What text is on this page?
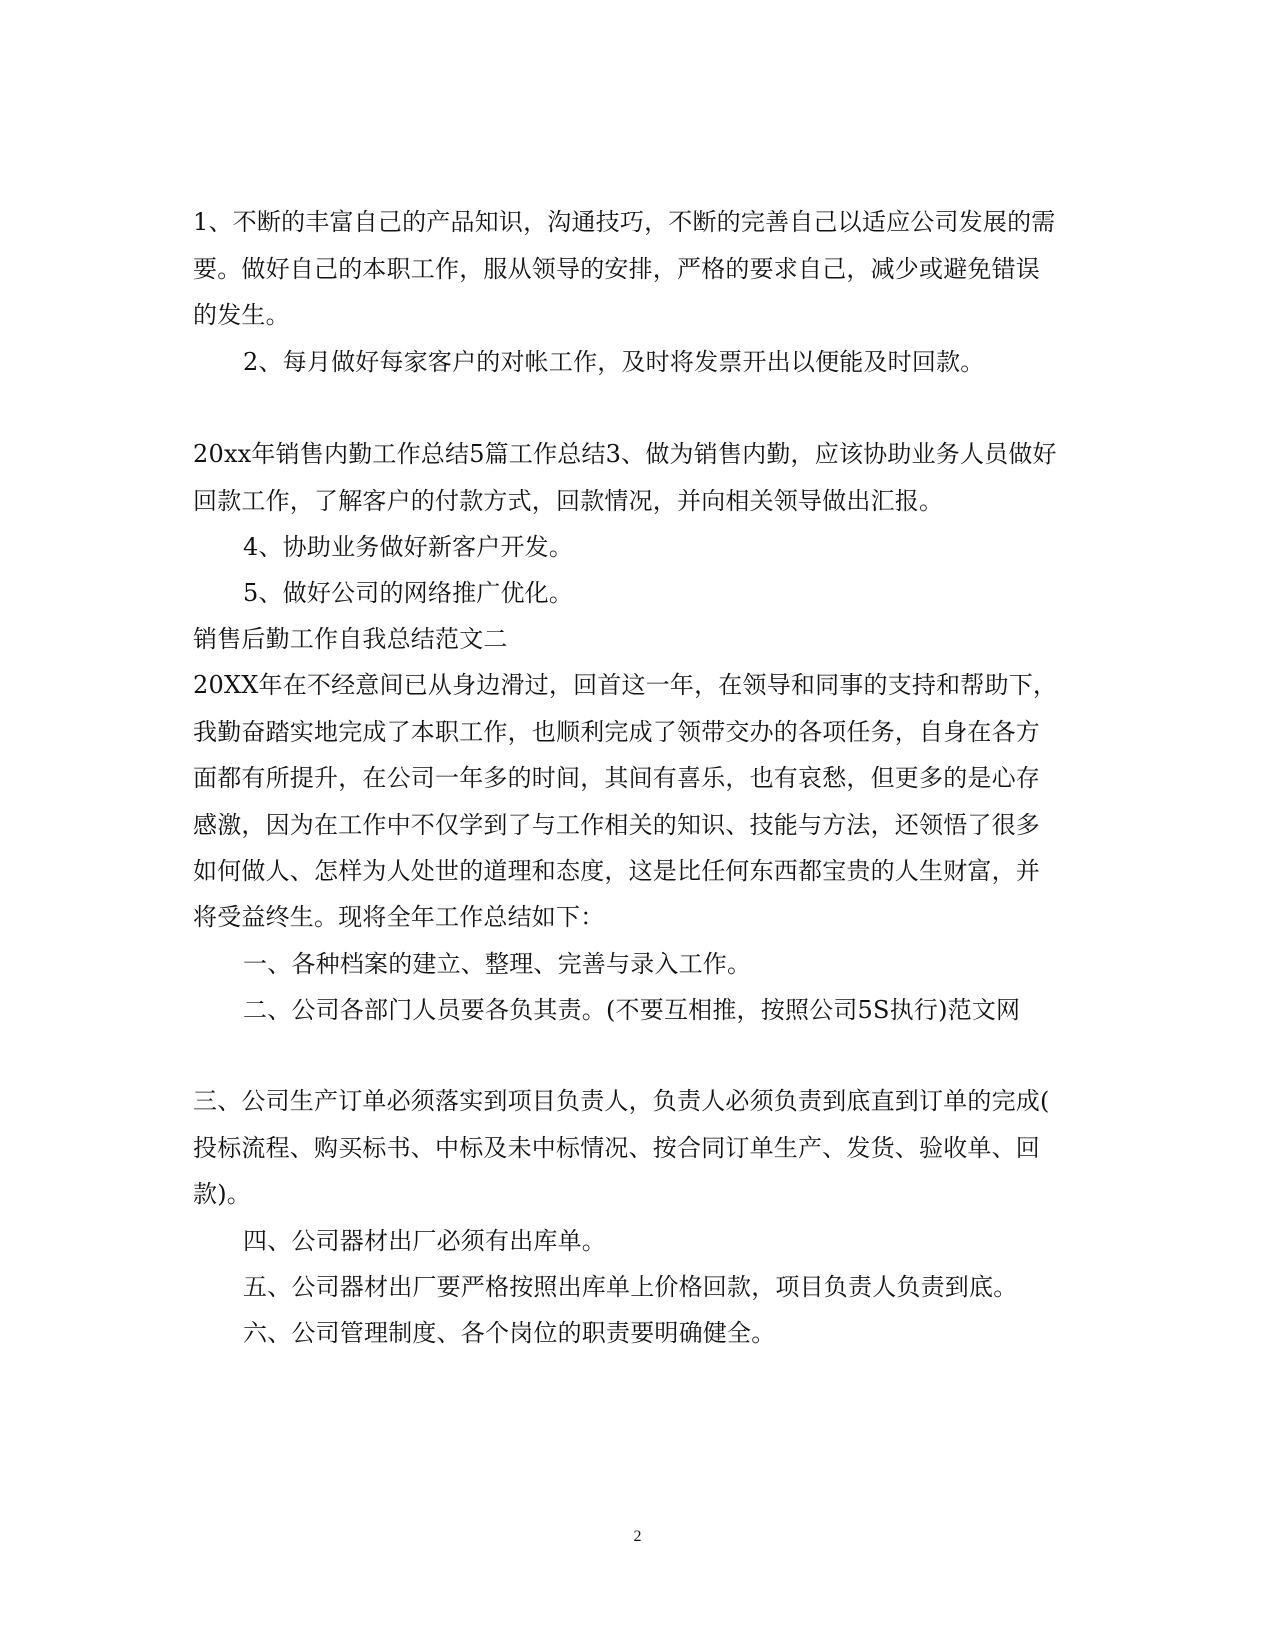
1、不断的丰富自己的产品知识，沟通技巧，不断的完善自己以适应公司发展的需
要。做好自己的本职工作，服从领导的安排，严格的要求自己，减少或避免错误
的发生。
2、每月做好每家客户的对帐工作，及时将发票开出以便能及时回款。
20xx年销售内勤工作总结5篇工作总结3、做为销售内勤，应该协助业务人员做好
回款工作，了解客户的付款方式，回款情况，并向相关领导做出汇报。
4、协助业务做好新客户开发。
5、做好公司的网络推广优化。
销售后勤工作自我总结范文二
20XX年在不经意间已从身边滑过，回首这一年，在领导和同事的支持和帮助下，
我勤奋踏实地完成了本职工作，也顺利完成了领带交办的各项任务，自身在各方
面都有所提升，在公司一年多的时间，其间有喜乐，也有哀愁，但更多的是心存
感激，因为在工作中不仅学到了与工作相关的知识、技能与方法，还领悟了很多
如何做人、怎样为人处世的道理和态度，这是比任何东西都宝贵的人生财富，并
将受益终生。现将全年工作总结如下：
一、各种档案的建立、整理、完善与录入工作。
二、公司各部门人员要各负其责。(不要互相推，按照公司5S执行)范文网
三、公司生产订单必须落实到项目负责人，负责人必须负责到底直到订单的完成(
投标流程、购买标书、中标及未中标情况、按合同订单生产、发货、验收单、回
款)。
四、公司器材出厂必须有出库单。
五、公司器材出厂要严格按照出库单上价格回款，项目负责人负责到底。
六、公司管理制度、各个岗位的职责要明确健全。
2
